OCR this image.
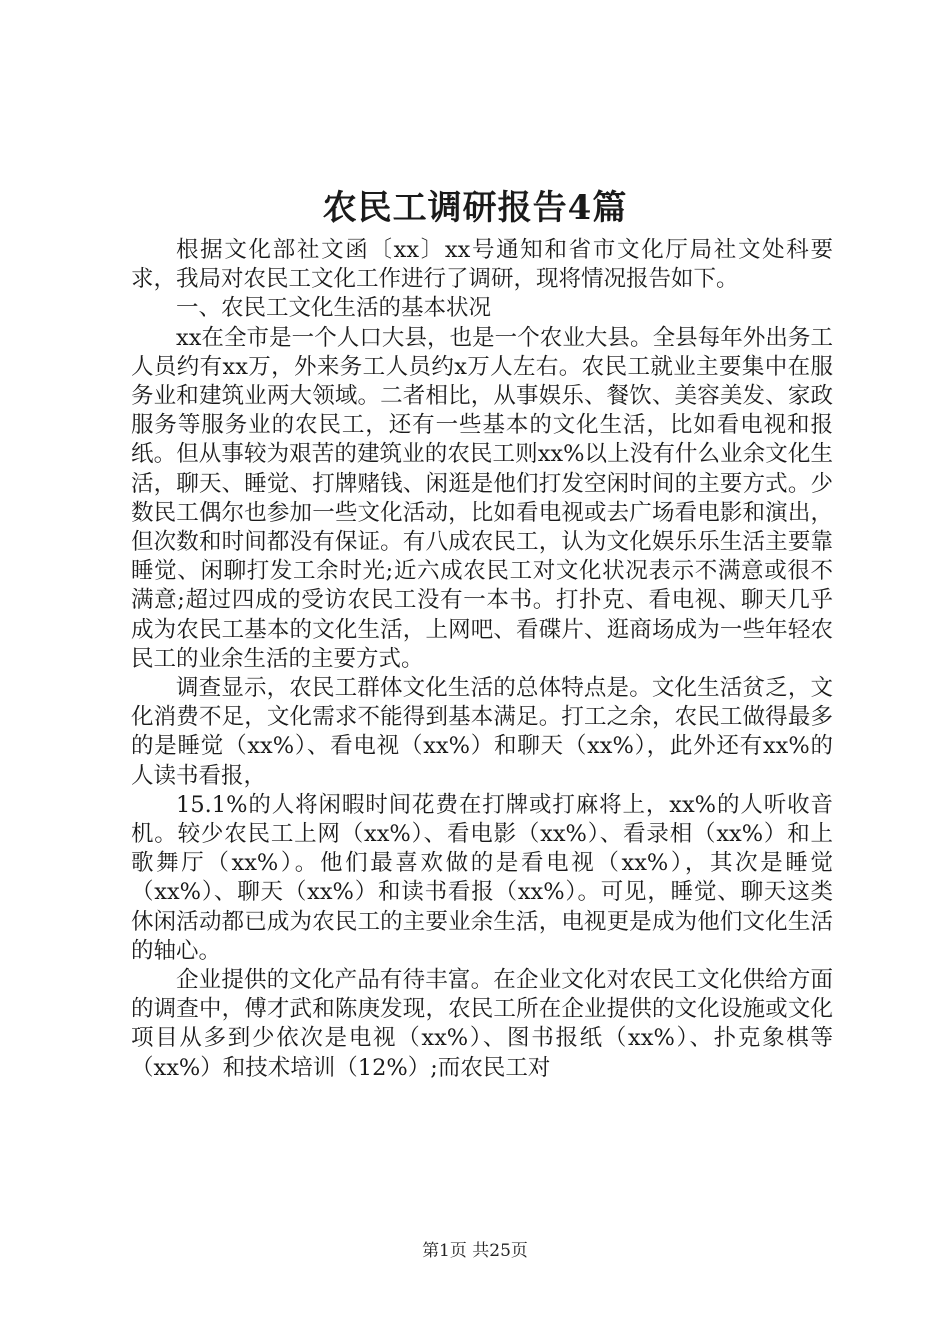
农民工调研报告4篇

根据文化部社文函〔xx〕xx号通知和省市文化厅局社文处科要求，我局对农民工文化工作进行了调研，现将情况报告如下。

一、农民工文化生活的基本状况

xx在全市是一个人口大县，也是一个农业大县。全县每年外出务工人员约有xx万，外来务工人员约x万人左右。农民工就业主要集中在服务业和建筑业两大领域。二者相比，从事娱乐、餐饮、美容美发、家政服务等服务业的农民工，还有一些基本的文化生活，比如看电视和报纸。但从事较为艰苦的建筑业的农民工则xx%以上没有什么业余文化生活，聊天、睡觉、打牌赌钱、闲逛是他们打发空闲时间的主要方式。少数民工偶尔也参加一些文化活动，比如看电视或去广场看电影和演出，但次数和时间都没有保证。有八成农民工，认为文化娱乐乐生活主要靠睡觉、闲聊打发工余时光;近六成农民工对文化状况表示不满意或很不满意;超过四成的受访农民工没有一本书。打扑克、看电视、聊天几乎成为农民工基本的文化生活，上网吧、看碟片、逛商场成为一些年轻农民工的业余生活的主要方式。

调查显示，农民工群体文化生活的总体特点是。文化生活贫乏，文化消费不足，文化需求不能得到基本满足。打工之余，农民工做得最多的是睡觉（xx%）、看电视（xx%）和聊天（xx%），此外还有xx%的人读书看报，

15.1%的人将闲暇时间花费在打牌或打麻将上，xx%的人听收音机。较少农民工上网（xx%）、看电影（xx%）、看录相（xx%）和上歌舞厅（xx%）。他们最喜欢做的是看电视（xx%），其次是睡觉（xx%）、聊天（xx%）和读书看报（xx%）。可见，睡觉、聊天这类休闲活动都已成为农民工的主要业余生活，电视更是成为他们文化生活的轴心。

企业提供的文化产品有待丰富。在企业文化对农民工文化供给方面的调查中，傅才武和陈庚发现，农民工所在企业提供的文化设施或文化项目从多到少依次是电视（xx%）、图书报纸（xx%）、扑克象棋等（xx%）和技术培训（12%）;而农民工对

第1页 共25页
